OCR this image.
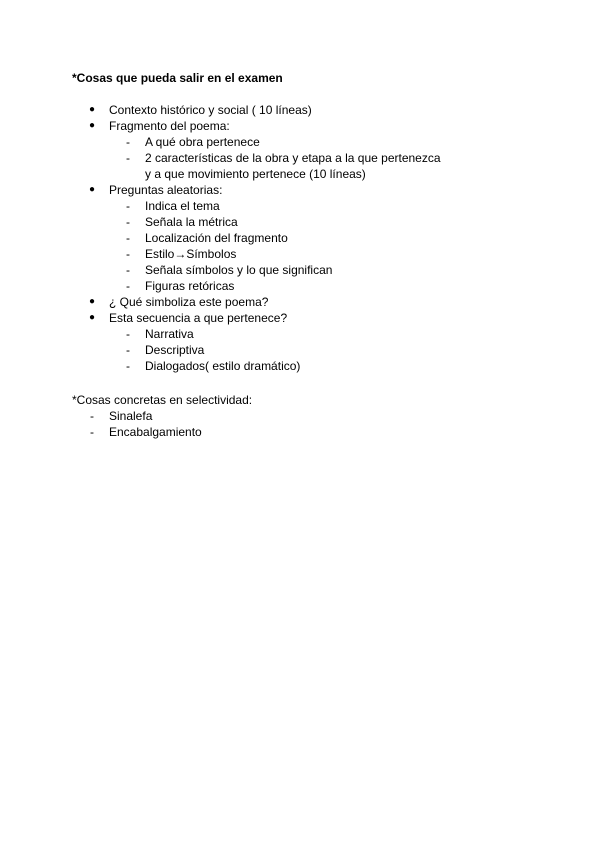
*Cosas que pueda salir en el examen
● Contexto histórico y social ( 10 líneas)
● Fragmento del poema:
- A qué obra pertenece
- 2 características de la obra y etapa a la que pertenezca
y a que movimiento pertenece (10 líneas)
● Preguntas aleatorias:
- Indica el tema
- Señala la métrica
- Localización del fragmento
- Estilo→Símbolos
- Señala símbolos y lo que significan
- Figuras retóricas
● ¿ Qué simboliza este poema?
● Esta secuencia a que pertenece?
- Narrativa
- Descriptiva
- Dialogados( estilo dramático)
*Cosas concretas en selectividad:
- Sinalefa
- Encabalgamiento
